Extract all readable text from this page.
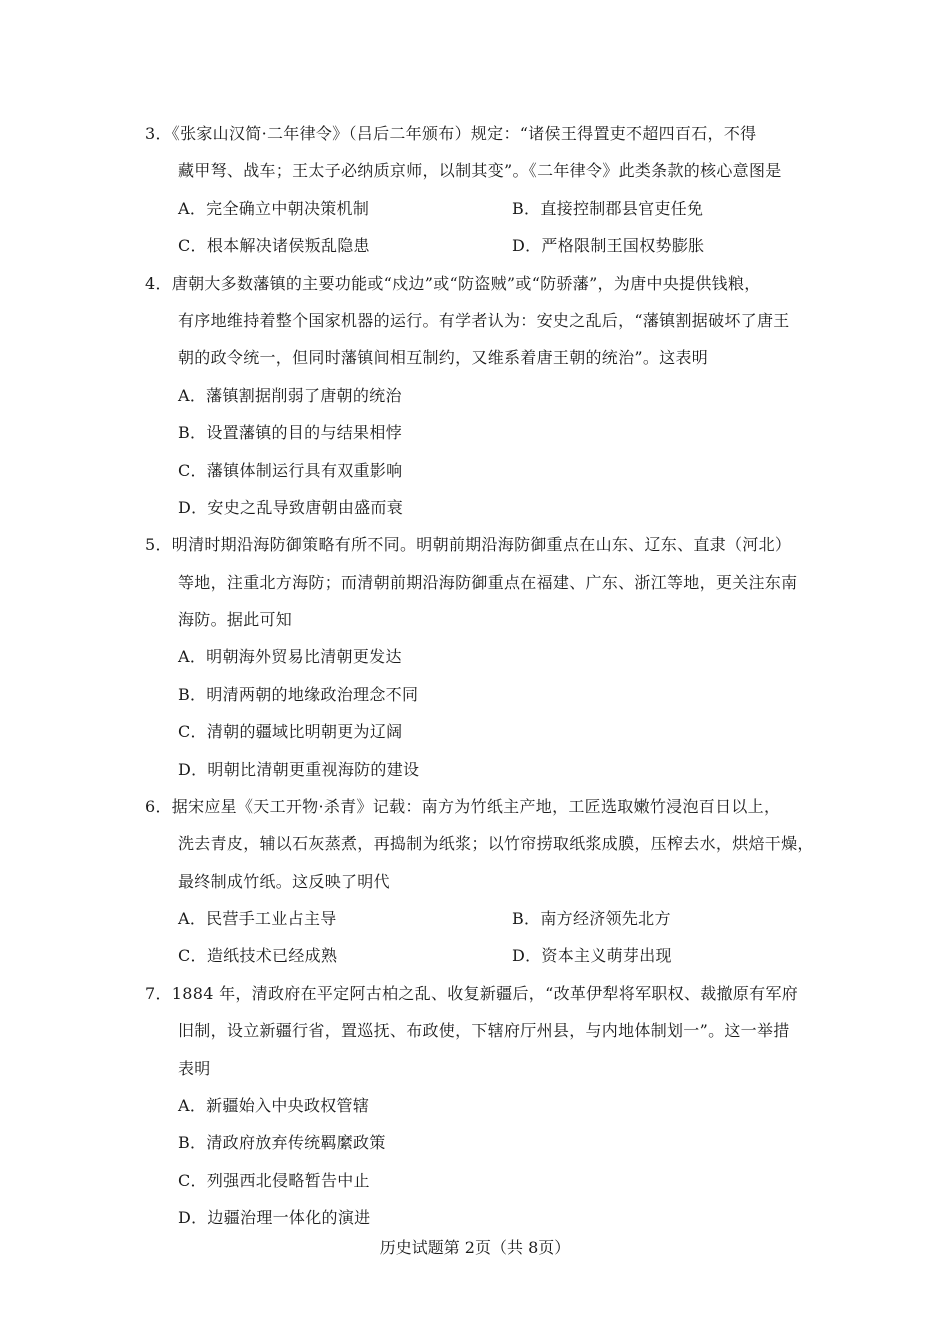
3．《张家山汉简·二年律令》（吕后二年颁布）规定：“诸侯王得置吏不超四百石，不得
藏甲弩、战车；王太子必纳质京师，以制其变”。《二年律令》此类条款的核心意图是
A．完全确立中朝决策机制	B．直接控制郡县官吏任免
C．根本解决诸侯叛乱隐患	D．严格限制王国权势膨胀
4．唐朝大多数藩镇的主要功能或“戍边”或“防盗贼”或“防骄藩”，为唐中央提供钱粮，
有序地维持着整个国家机器的运行。有学者认为：安史之乱后，“藩镇割据破坏了唐王
朝的政令统一，但同时藩镇间相互制约，又维系着唐王朝的统治”。这表明
A．藩镇割据削弱了唐朝的统治
B．设置藩镇的目的与结果相悖
C．藩镇体制运行具有双重影响
D．安史之乱导致唐朝由盛而衰
5．明清时期沿海防御策略有所不同。明朝前期沿海防御重点在山东、辽东、直隶（河北）
等地，注重北方海防；而清朝前期沿海防御重点在福建、广东、浙江等地，更关注东南
海防。据此可知
A．明朝海外贸易比清朝更发达
B．明清两朝的地缘政治理念不同
C．清朝的疆域比明朝更为辽阔
D．明朝比清朝更重视海防的建设
6．据宋应星《天工开物·杀青》记载：南方为竹纸主产地，工匠选取嫩竹浸泡百日以上，
洗去青皮，辅以石灰蒸煮，再捣制为纸浆；以竹帘捞取纸浆成膜，压榨去水，烘焙干燥，
最终制成竹纸。这反映了明代
A．民营手工业占主导	B．南方经济领先北方
C．造纸技术已经成熟	D．资本主义萌芽出现
7．1884 年，清政府在平定阿古柏之乱、收复新疆后，“改革伊犁将军职权、裁撤原有军府
旧制，设立新疆行省，置巡抚、布政使，下辖府厅州县，与内地体制划一”。这一举措
表明
A．新疆始入中央政权管辖
B．清政府放弃传统羁縻政策
C．列强西北侵略暂告中止
D．边疆治理一体化的演进
历史试题第 2页（共 8页）
